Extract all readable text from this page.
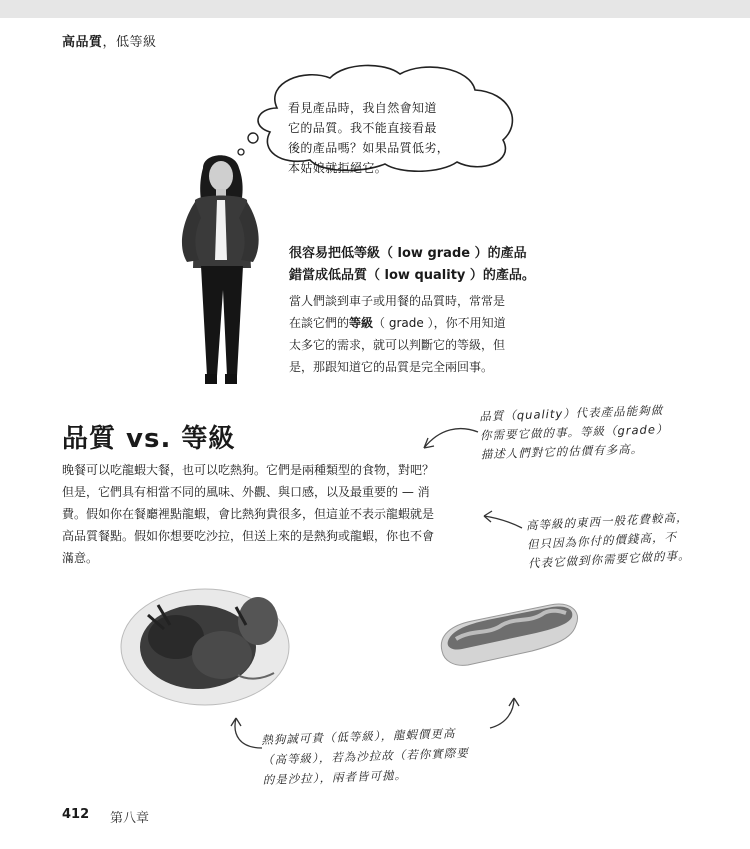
高品質，低等級
看見產品時，我自然會知道
它的品質。我不能直接看最
後的產品嗎？如果品質低劣，
本姑娘就拒絕它。
很容易把低等級（ low grade ）的產品
錯當成低品質（ low quality ）的產品。
當人們談到車子或用餐的品質時，常常是
在談它們的等級（ grade ），你不用知道
太多它的需求，就可以判斷它的等級，但
是，那跟知道它的品質是完全兩回事。
品質（quality）代表產品能夠做
你需要它做的事。等級（grade）
描述人們對它的估價有多高。
品質 vs. 等級
晚餐可以吃龍蝦大餐，也可以吃熱狗。它們是兩種類型的食物，對吧？
但是，它們具有相當不同的風味、外觀、與口感，以及最重要的 — 消
費。假如你在餐廳裡點龍蝦，會比熱狗貴很多，但這並不表示龍蝦就是
高品質餐點。假如你想要吃沙拉，但送上來的是熱狗或龍蝦，你也不會
滿意。
高等級的東西一般花費較高，
但只因為你付的價錢高，不
代表它做到你需要它做的事。
熱狗誠可貴（低等級），龍蝦價更高
（高等級），若為沙拉故（若你實際要
的是沙拉），兩者皆可拋。
412 第八章
